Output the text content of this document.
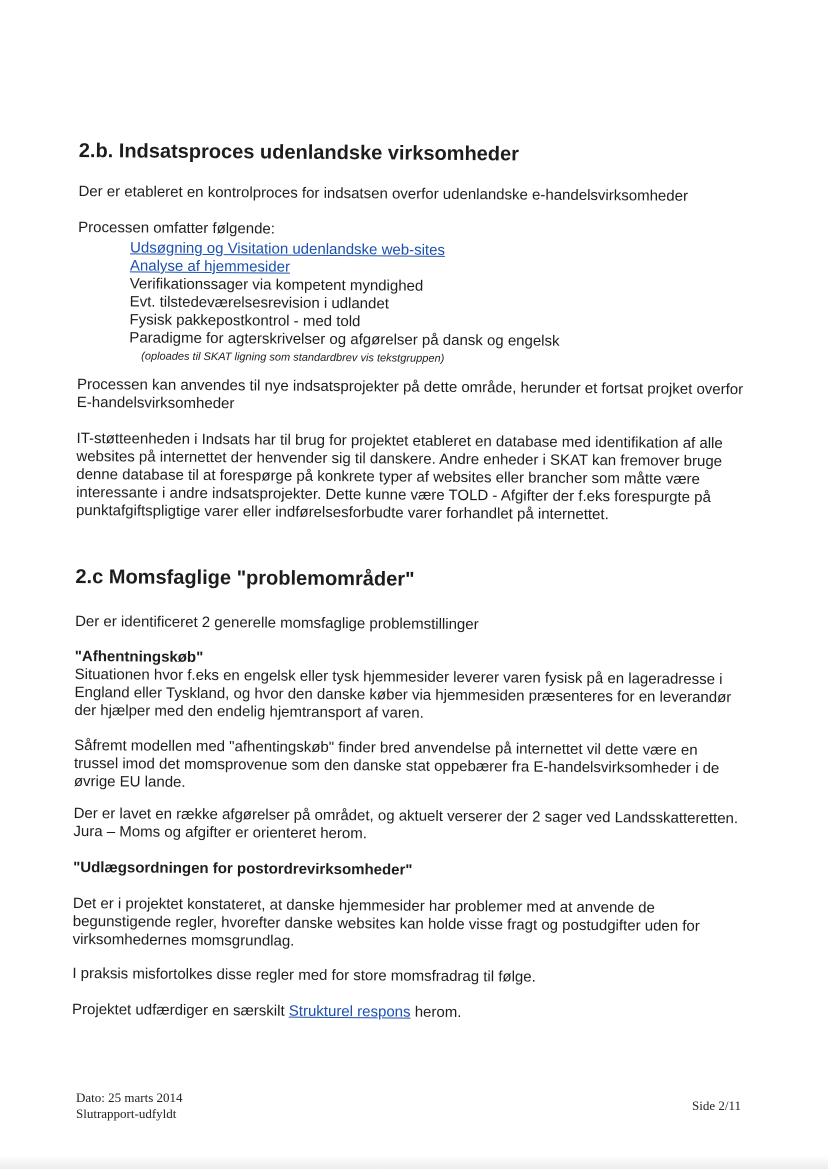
2.b. Indsatsproces udenlandske virksomheder

Der er etableret en kontrolproces for indsatsen overfor udenlandske e-handelsvirksomheder

Processen omfatter følgende:

Udsøgning og Visitation udenlandske web-sites
Analyse af hjemmesider
Verifikationssager via kompetent myndighed
Evt. tilstedeværelsesrevision i udlandet
Fysisk pakkepostkontrol - med told
Paradigme for agterskrivelser og afgørelser på dansk og engelsk
(oploades til SKAT ligning som standardbrev vis tekstgruppen)

Processen kan anvendes til nye indsatsprojekter på dette område, herunder et fortsat projket overfor E-handelsvirksomheder

IT-støtteenheden i Indsats har til brug for projektet etableret en database med identifikation af alle websites på internettet der henvender sig til danskere. Andre enheder i SKAT kan fremover bruge denne database til at forespørge på konkrete typer af websites eller brancher som måtte være interessante i andre indsatsprojekter. Dette kunne være TOLD - Afgifter der f.eks forespurgte på punktafgiftspligtige varer eller indførelsesforbudte varer forhandlet på internettet.

2.c Momsfaglige "problemområder"

Der er identificeret 2 generelle momsfaglige problemstillinger

"Afhentningskøb"

Situationen hvor f.eks en engelsk eller tysk hjemmesider leverer varen fysisk på en lageradresse i England eller Tyskland, og hvor den danske køber via hjemmesiden præsenteres for en leverandør der hjælper med den endelig hjemtransport af varen.

Såfremt modellen med "afhentingskøb" finder bred anvendelse på internettet vil dette være en trussel imod det momsprovenue som den danske stat oppebærer fra E-handelsvirksomheder i de øvrige EU lande.

Der er lavet en række afgørelser på området, og aktuelt verserer der 2 sager ved Landsskatteretten. Jura – Moms og afgifter er orienteret herom.

"Udlægsordningen for postordrevirksomheder"

Det er i projektet konstateret, at danske hjemmesider har problemer med at anvende de begunstigende regler, hvorefter danske websites kan holde visse fragt og postudgifter uden for virksomhedernes momsgrundlag.

I praksis misfortolkes disse regler med for store momsfradrag til følge.

Projektet udfærdiger en særskilt Strukturel respons herom.

Dato: 25 marts 2014
Slutrapport-udfyldt
Side 2/11
